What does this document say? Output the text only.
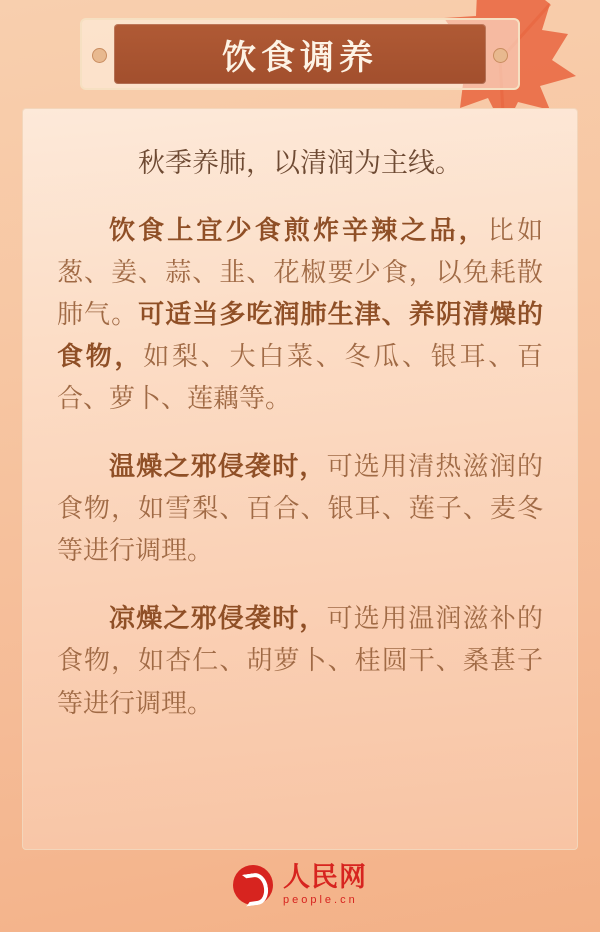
饮食调养
秋季养肺，以清润为主线。

饮食上宜少食煎炸辛辣之品，比如葱、姜、蒜、韭、花椒要少食，以免耗散肺气。可适当多吃润肺生津、养阴清燥的食物，如梨、大白菜、冬瓜、银耳、百合、萝卜、莲藕等。

温燥之邪侵袭时，可选用清热滋润的食物，如雪梨、百合、银耳、莲子、麦冬等进行调理。

凉燥之邪侵袭时，可选用温润滋补的食物，如杏仁、胡萝卜、桂圆干、桑葚子等进行调理。

人民网
people.cn
